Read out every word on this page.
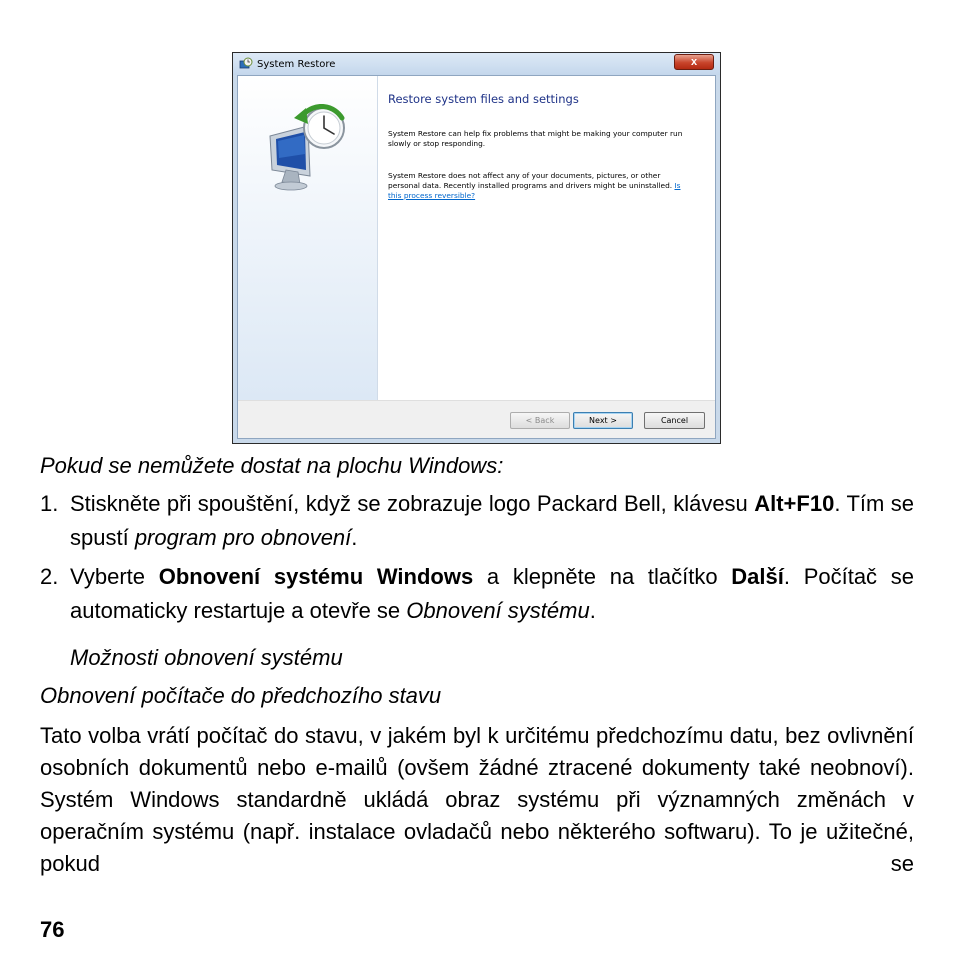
System Restore	x
Restore system files and settings

System Restore can help fix problems that might be making your computer run slowly or stop responding.

System Restore does not affect any of your documents, pictures, or other personal data. Recently installed programs and drivers might be uninstalled. Is this process reversible?

< Back	Next >	Cancel

Pokud se nemůžete dostat na plochu Windows:

1. Stiskněte při spouštění, když se zobrazuje logo Packard Bell, klávesu Alt+F10. Tím se spustí program pro obnovení.
2. Vyberte Obnovení systému Windows a klepněte na tlačítko Další. Počítač se automaticky restartuje a otevře se Obnovení systému.

Možnosti obnovení systému

Obnovení počítače do předchozího stavu

Tato volba vrátí počítač do stavu, v jakém byl k určitému předchozímu datu, bez ovlivnění osobních dokumentů nebo e-mailů (ovšem žádné ztracené dokumenty také neobnoví). Systém Windows standardně ukládá obraz systému při významných změnách v operačním systému (např. instalace ovladačů nebo některého softwaru). To je užitečné, pokud se

76
